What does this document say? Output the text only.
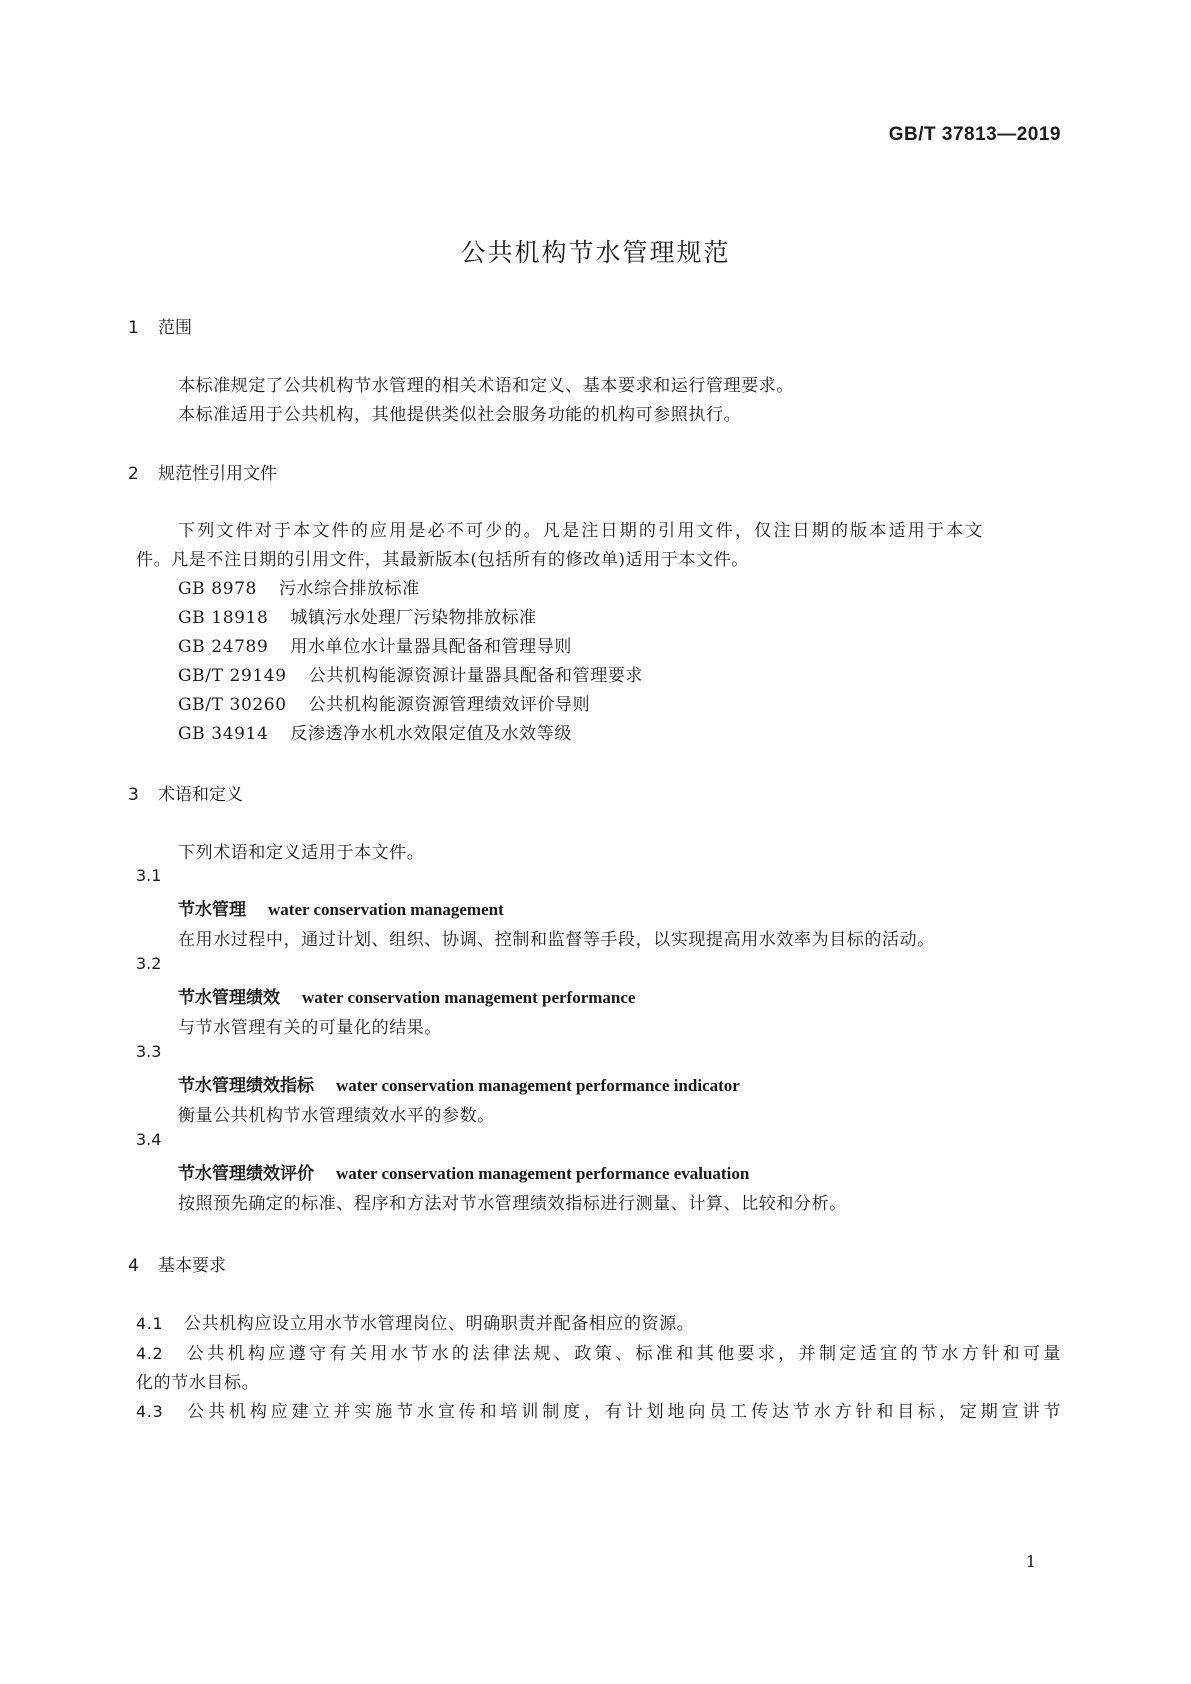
GB/T 37813—2019
公共机构节水管理规范
1 范围
本标准规定了公共机构节水管理的相关术语和定义、基本要求和运行管理要求。
本标准适用于公共机构，其他提供类似社会服务功能的机构可参照执行。
2 规范性引用文件
下列文件对于本文件的应用是必不可少的。凡是注日期的引用文件，仅注日期的版本适用于本文
件。凡是不注日期的引用文件，其最新版本(包括所有的修改单)适用于本文件。
GB 8978 污水综合排放标准
GB 18918 城镇污水处理厂污染物排放标准
GB 24789 用水单位水计量器具配备和管理导则
GB/T 29149 公共机构能源资源计量器具配备和管理要求
GB/T 30260 公共机构能源资源管理绩效评价导则
GB 34914 反渗透净水机水效限定值及水效等级
3 术语和定义
下列术语和定义适用于本文件。
3.1
节水管理 water conservation management
在用水过程中，通过计划、组织、协调、控制和监督等手段，以实现提高用水效率为目标的活动。
3.2
节水管理绩效 water conservation management performance
与节水管理有关的可量化的结果。
3.3
节水管理绩效指标 water conservation management performance indicator
衡量公共机构节水管理绩效水平的参数。
3.4
节水管理绩效评价 water conservation management performance evaluation
按照预先确定的标准、程序和方法对节水管理绩效指标进行测量、计算、比较和分析。
4 基本要求
4.1 公共机构应设立用水节水管理岗位、明确职责并配备相应的资源。
4.2 公共机构应遵守有关用水节水的法律法规、政策、标准和其他要求，并制定适宜的节水方针和可量
化的节水目标。
4.3 公共机构应建立并实施节水宣传和培训制度，有计划地向员工传达节水方针和目标，定期宣讲节
1
